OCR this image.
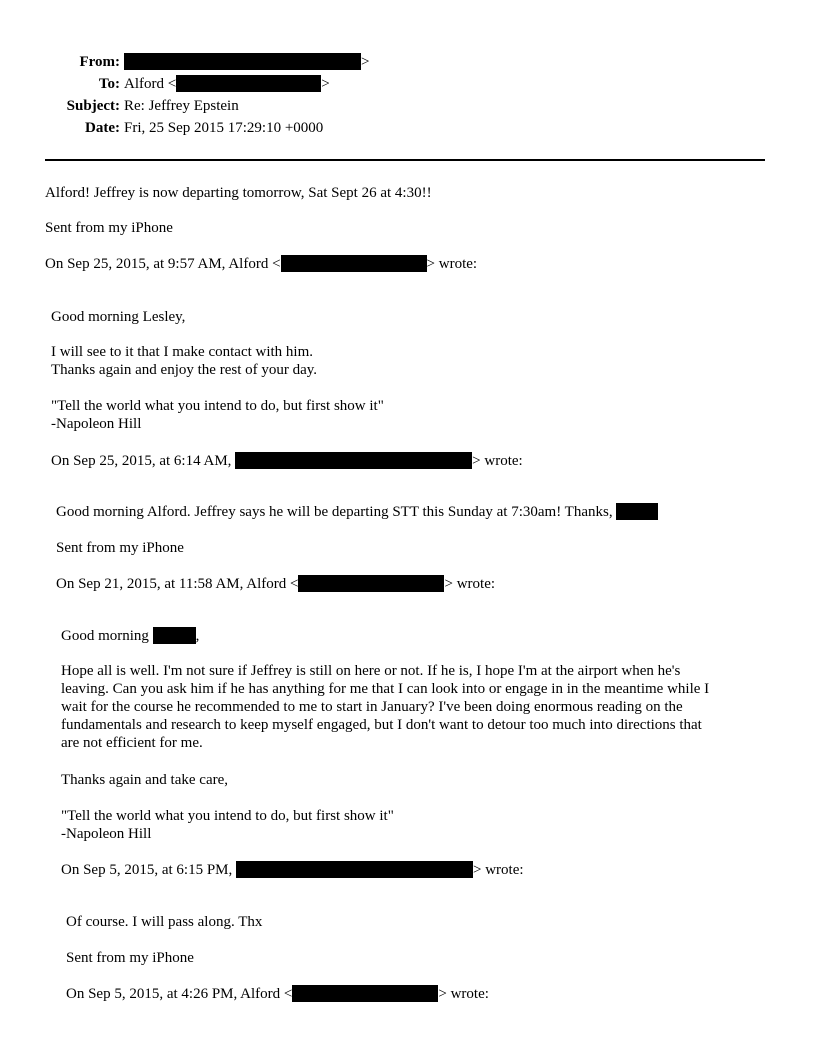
From:	>
To: Alford <	>
Subject: Re: Jeffrey Epstein
Date: Fri, 25 Sep 2015 17:29:10 +0000
Alford! Jeffrey is now departing tomorrow, Sat Sept 26 at 4:30!!
Sent from my iPhone
On Sep 25, 2015, at 9:57 AM, Alford <	> wrote:
Good morning Lesley,
I will see to it that I make contact with him.
Thanks again and enjoy the rest of your day.
"Tell the world what you intend to do, but first show it"
-Napoleon Hill
On Sep 25, 2015, at 6:14 AM,	> wrote:
Good morning Alford. Jeffrey says he will be departing STT this Sunday at 7:30am! Thanks,
Sent from my iPhone
On Sep 21, 2015, at 11:58 AM, Alford <	> wrote:
Good morning	,
Hope all is well. I'm not sure if Jeffrey is still on here or not. If he is, I hope I'm at the airport when he's
leaving. Can you ask him if he has anything for me that I can look into or engage in in the meantime while I
wait for the course he recommended to me to start in January? I've been doing enormous reading on the
fundamentals and research to keep myself engaged, but I don't want to detour too much into directions that
are not efficient for me.
Thanks again and take care,
"Tell the world what you intend to do, but first show it"
-Napoleon Hill
On Sep 5, 2015, at 6:15 PM,	> wrote:
Of course. I will pass along. Thx
Sent from my iPhone
On Sep 5, 2015, at 4:26 PM, Alford <	> wrote:
